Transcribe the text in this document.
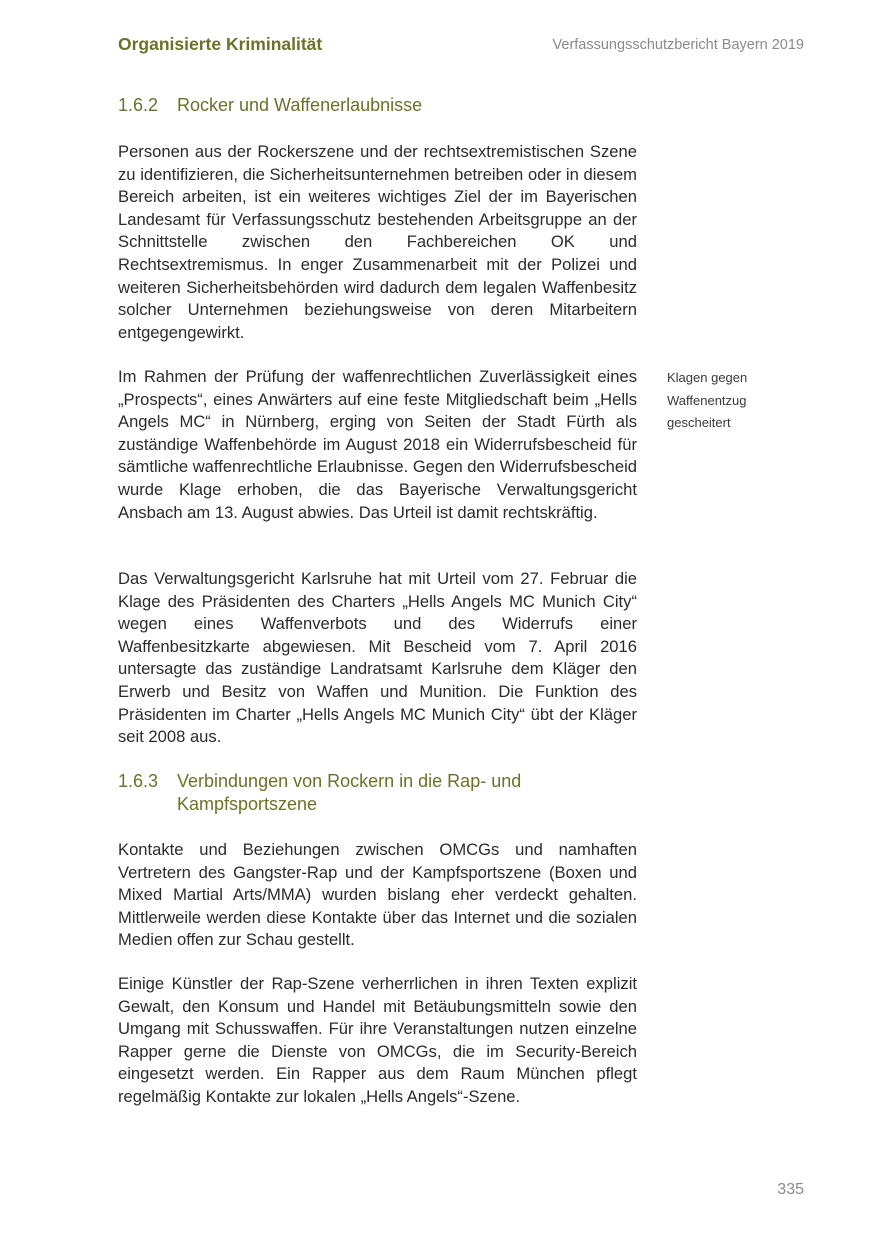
Organisierte Kriminalität	Verfassungsschutzbericht Bayern 2019
1.6.2 Rocker und Waffenerlaubnisse

Personen aus der Rockerszene und der rechtsextremistischen Szene zu identifizieren, die Sicherheitsunternehmen betreiben oder in diesem Bereich arbeiten, ist ein weiteres wichtiges Ziel der im Bayerischen Landesamt für Verfassungsschutz bestehenden Arbeitsgruppe an der Schnittstelle zwischen den Fachbereichen OK und Rechtsextremismus. In enger Zusammenarbeit mit der Polizei und weiteren Sicherheitsbehörden wird dadurch dem legalen Waffenbesitz solcher Unternehmen beziehungsweise von deren Mitarbeitern entgegengewirkt.

Im Rahmen der Prüfung der waffenrechtlichen Zuverlässigkeit eines „Prospects“, eines Anwärters auf eine feste Mitgliedschaft beim „Hells Angels MC“ in Nürnberg, erging von Seiten der Stadt Fürth als zuständige Waffenbehörde im August 2018 ein Widerrufsbescheid für sämtliche waffenrechtliche Erlaubnisse. Gegen den Widerrufsbescheid wurde Klage erhoben, die das Bayerische Verwaltungsgericht Ansbach am 13. August abwies. Das Urteil ist damit rechtskräftig.

Das Verwaltungsgericht Karlsruhe hat mit Urteil vom 27. Februar die Klage des Präsidenten des Charters „Hells Angels MC Munich City“ wegen eines Waffenverbots und des Widerrufs einer Waffenbesitzkarte abgewiesen. Mit Bescheid vom 7. April 2016 untersagte das zuständige Landratsamt Karlsruhe dem Kläger den Erwerb und Besitz von Waffen und Munition. Die Funktion des Präsidenten im Charter „Hells Angels MC Munich City“ übt der Kläger seit 2008 aus.

Klagen gegen Waffenentzug gescheitert
1.6.3 Verbindungen von Rockern in die Rap- und Kampfsportszene

Kontakte und Beziehungen zwischen OMCGs und namhaften Vertretern des Gangster-Rap und der Kampfsportszene (Boxen und Mixed Martial Arts/MMA) wurden bislang eher verdeckt gehalten. Mittlerweile werden diese Kontakte über das Internet und die sozialen Medien offen zur Schau gestellt.

Einige Künstler der Rap-Szene verherrlichen in ihren Texten explizit Gewalt, den Konsum und Handel mit Betäubungsmitteln sowie den Umgang mit Schusswaffen. Für ihre Veranstaltungen nutzen einzelne Rapper gerne die Dienste von OMCGs, die im Security-Bereich eingesetzt werden. Ein Rapper aus dem Raum München pflegt regelmäßig Kontakte zur lokalen „Hells Angels“-Szene.

335
